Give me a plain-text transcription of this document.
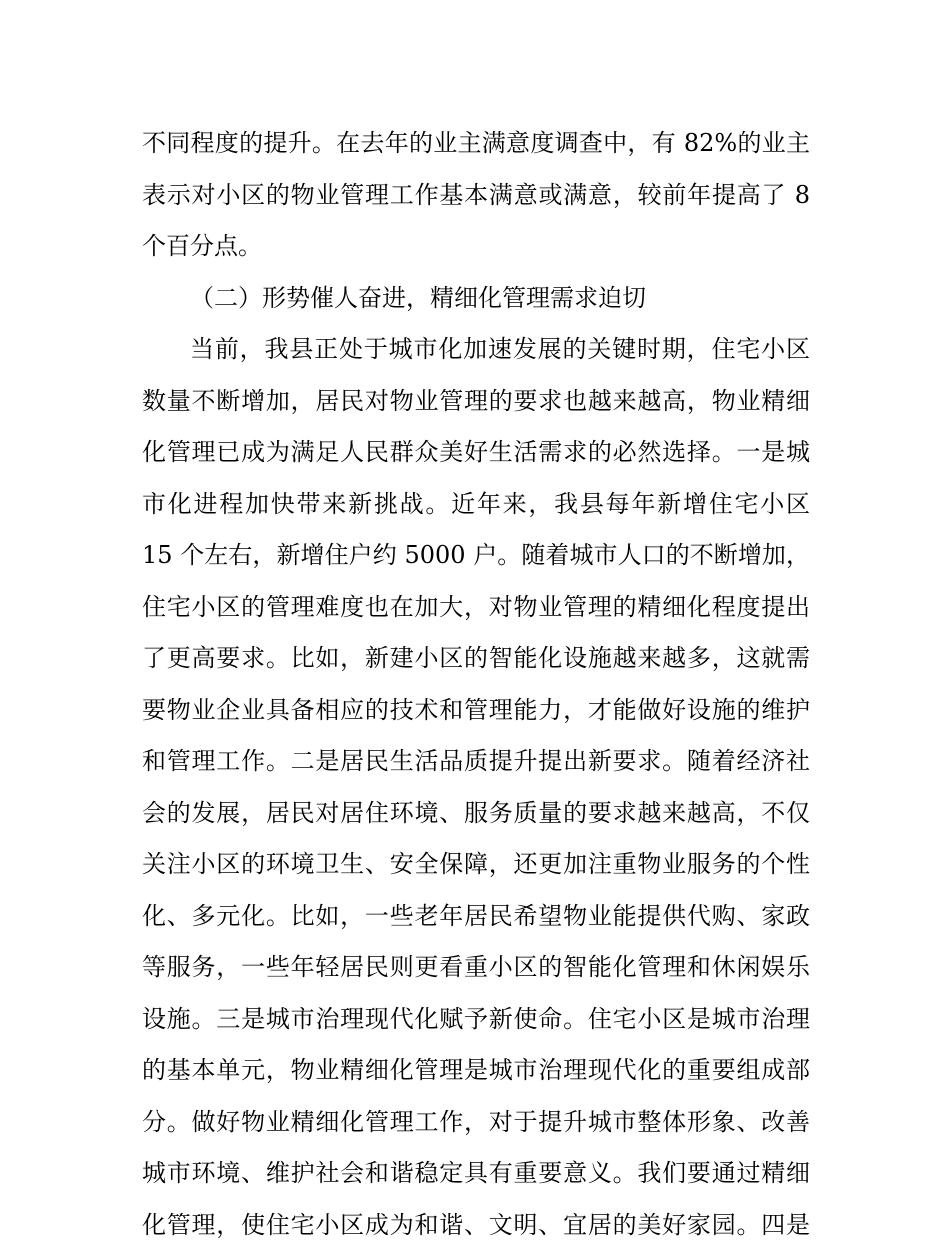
不同程度的提升。在去年的业主满意度调查中，有 82%的业主
表示对小区的物业管理工作基本满意或满意，较前年提高了 8
个百分点。
（二）形势催人奋进，精细化管理需求迫切
当前，我县正处于城市化加速发展的关键时期，住宅小区
数量不断增加，居民对物业管理的要求也越来越高，物业精细
化管理已成为满足人民群众美好生活需求的必然选择。一是城
市化进程加快带来新挑战。近年来，我县每年新增住宅小区
15 个左右，新增住户约 5000 户。随着城市人口的不断增加，
住宅小区的管理难度也在加大，对物业管理的精细化程度提出
了更高要求。比如，新建小区的智能化设施越来越多，这就需
要物业企业具备相应的技术和管理能力，才能做好设施的维护
和管理工作。二是居民生活品质提升提出新要求。随着经济社
会的发展，居民对居住环境、服务质量的要求越来越高，不仅
关注小区的环境卫生、安全保障，还更加注重物业服务的个性
化、多元化。比如，一些老年居民希望物业能提供代购、家政
等服务，一些年轻居民则更看重小区的智能化管理和休闲娱乐
设施。三是城市治理现代化赋予新使命。住宅小区是城市治理
的基本单元，物业精细化管理是城市治理现代化的重要组成部
分。做好物业精细化管理工作，对于提升城市整体形象、改善
城市环境、维护社会和谐稳定具有重要意义。我们要通过精细
化管理，使住宅小区成为和谐、文明、宜居的美好家园。四是
